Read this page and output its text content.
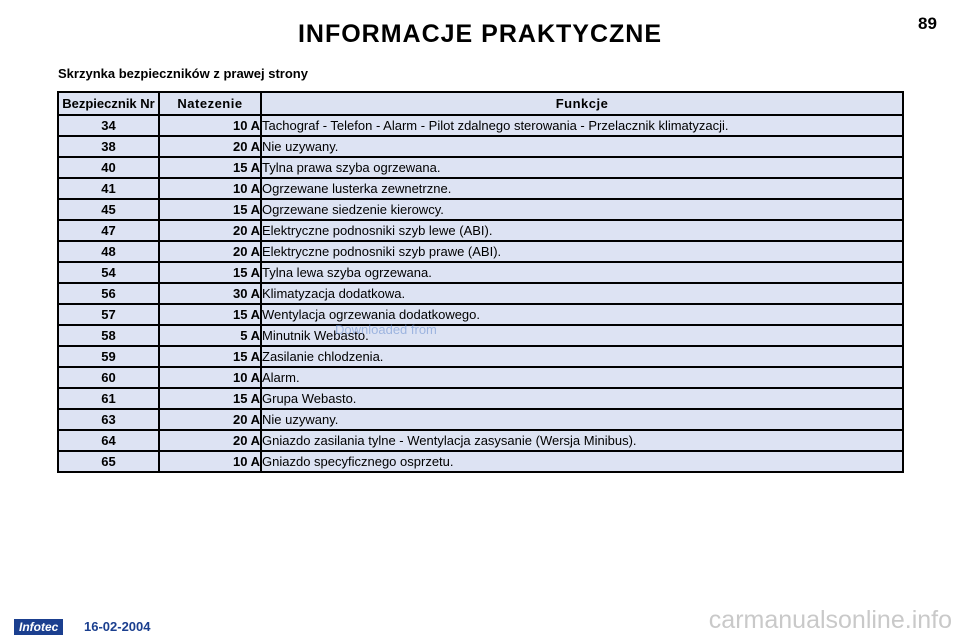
INFORMACJE PRAKTYCZNE	89
Skrzynka bezpieczników z prawej strony
Bezpiecznik Nr	Natezenie	Funkcje
34	10 A	Tachograf - Telefon - Alarm - Pilot zdalnego sterowania - Przelacznik klimatyzacji.
38	20 A	Nie uzywany.
40	15 A	Tylna prawa szyba ogrzewana.
41	10 A	Ogrzewane lusterka zewnetrzne.
45	15 A	Ogrzewane siedzenie kierowcy.
47	20 A	Elektryczne podnosniki szyb lewe (ABI).
48	20 A	Elektryczne podnosniki szyb prawe (ABI).
54	15 A	Tylna lewa szyba ogrzewana.
56	30 A	Klimatyzacja dodatkowa.
57	15 A	Wentylacja ogrzewania dodatkowego.
58	5 A	Minutnik Webasto.
59	15 A	Zasilanie chlodzenia.
60	10 A	Alarm.
61	15 A	Grupa Webasto.
63	20 A	Nie uzywany.
64	20 A	Gniazdo zasilania tylne - Wentylacja zasysanie (Wersja Minibus).
65	10 A	Gniazdo specyficznego osprzetu.
Downloaded from
Infotec	16-02-2004	carmanualsonline.info
